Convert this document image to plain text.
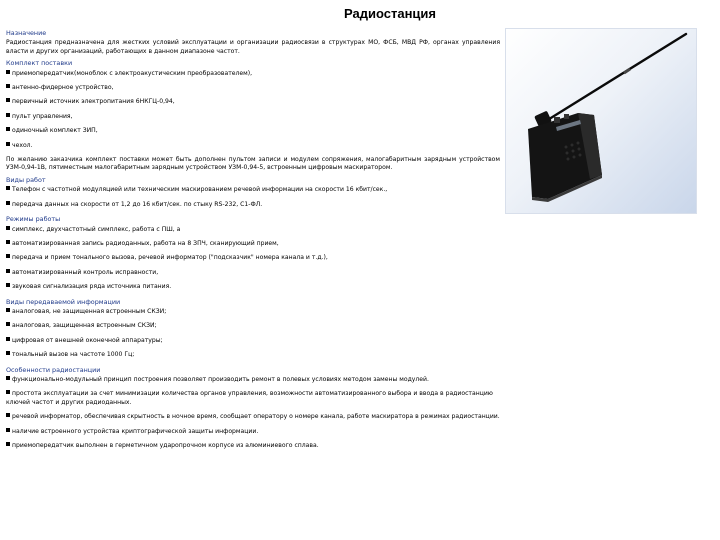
Радиостанция
Назначение
Радиостанция предназначена для жестких условий эксплуатации и организации радиосвязи в структурах МО, ФСБ, МВД РФ, органах управления власти и других организаций, работающих в данном диапазоне частот.
Комплект поставки
приемопередатчик(моноблок с электроакустическим преобразователем),
антенно-фидерное устройство,
первичный источник электропитания 6НКГЦ-0,94,
пульт управления,
одиночный комплект ЗИП,
чехол.
По желанию заказчика комплект поставки может быть дополнен пультом записи и модулем сопряжения, малогабаритным зарядным устройством УЗМ-0,94-1В, пятиместным малогабаритным зарядным устройством УЗМ-0,94-5, встроенным цифровым маскиратором.
Виды работ
Телефон с частотной модуляцией или техническим маскированием речевой информации на скорости 16 кбит/сек.,
передача данных на скорости от 1,2 до 16 кбит/сек. по стыку RS-232, С1-ФЛ.
Режимы работы
симплекс, двухчастотный симплекс, работа с ПШ, а
автоматизированная запись радиоданных, работа на 8 ЗПЧ, сканирующий прием,
передача и прием тонального вызова, речевой информатор ("подсказчик" номера канала и т.д.),
автоматизированный контроль исправности,
звуковая сигнализация ряда источника питания.
Виды передаваемой информации
аналоговая, не защищенная встроенным СКЗИ;
аналоговая, защищенная встроенным СКЗИ;
цифровая от внешней оконечной аппаратуры;
тональный вызов на частоте 1000 Гц;
Особенности радиостанции
функционально-модульный принцип построения позволяет производить ремонт в полевых условиях методом замены модулей.
простота эксплуатации за счет минимизации количества органов управления, возможности автоматизированного выбора и ввода в радиостанцию ключей частот и других радиоданных.
речевой информатор, обеспечивая скрытность в ночное время, сообщает оператору о номере канала, работе маскиратора в режимах радиостанции.
наличие встроенного устройства криптографической защиты информации.
приемопередатчик выполнен в герметичном ударопрочном корпусе из алюминиевого сплава.
